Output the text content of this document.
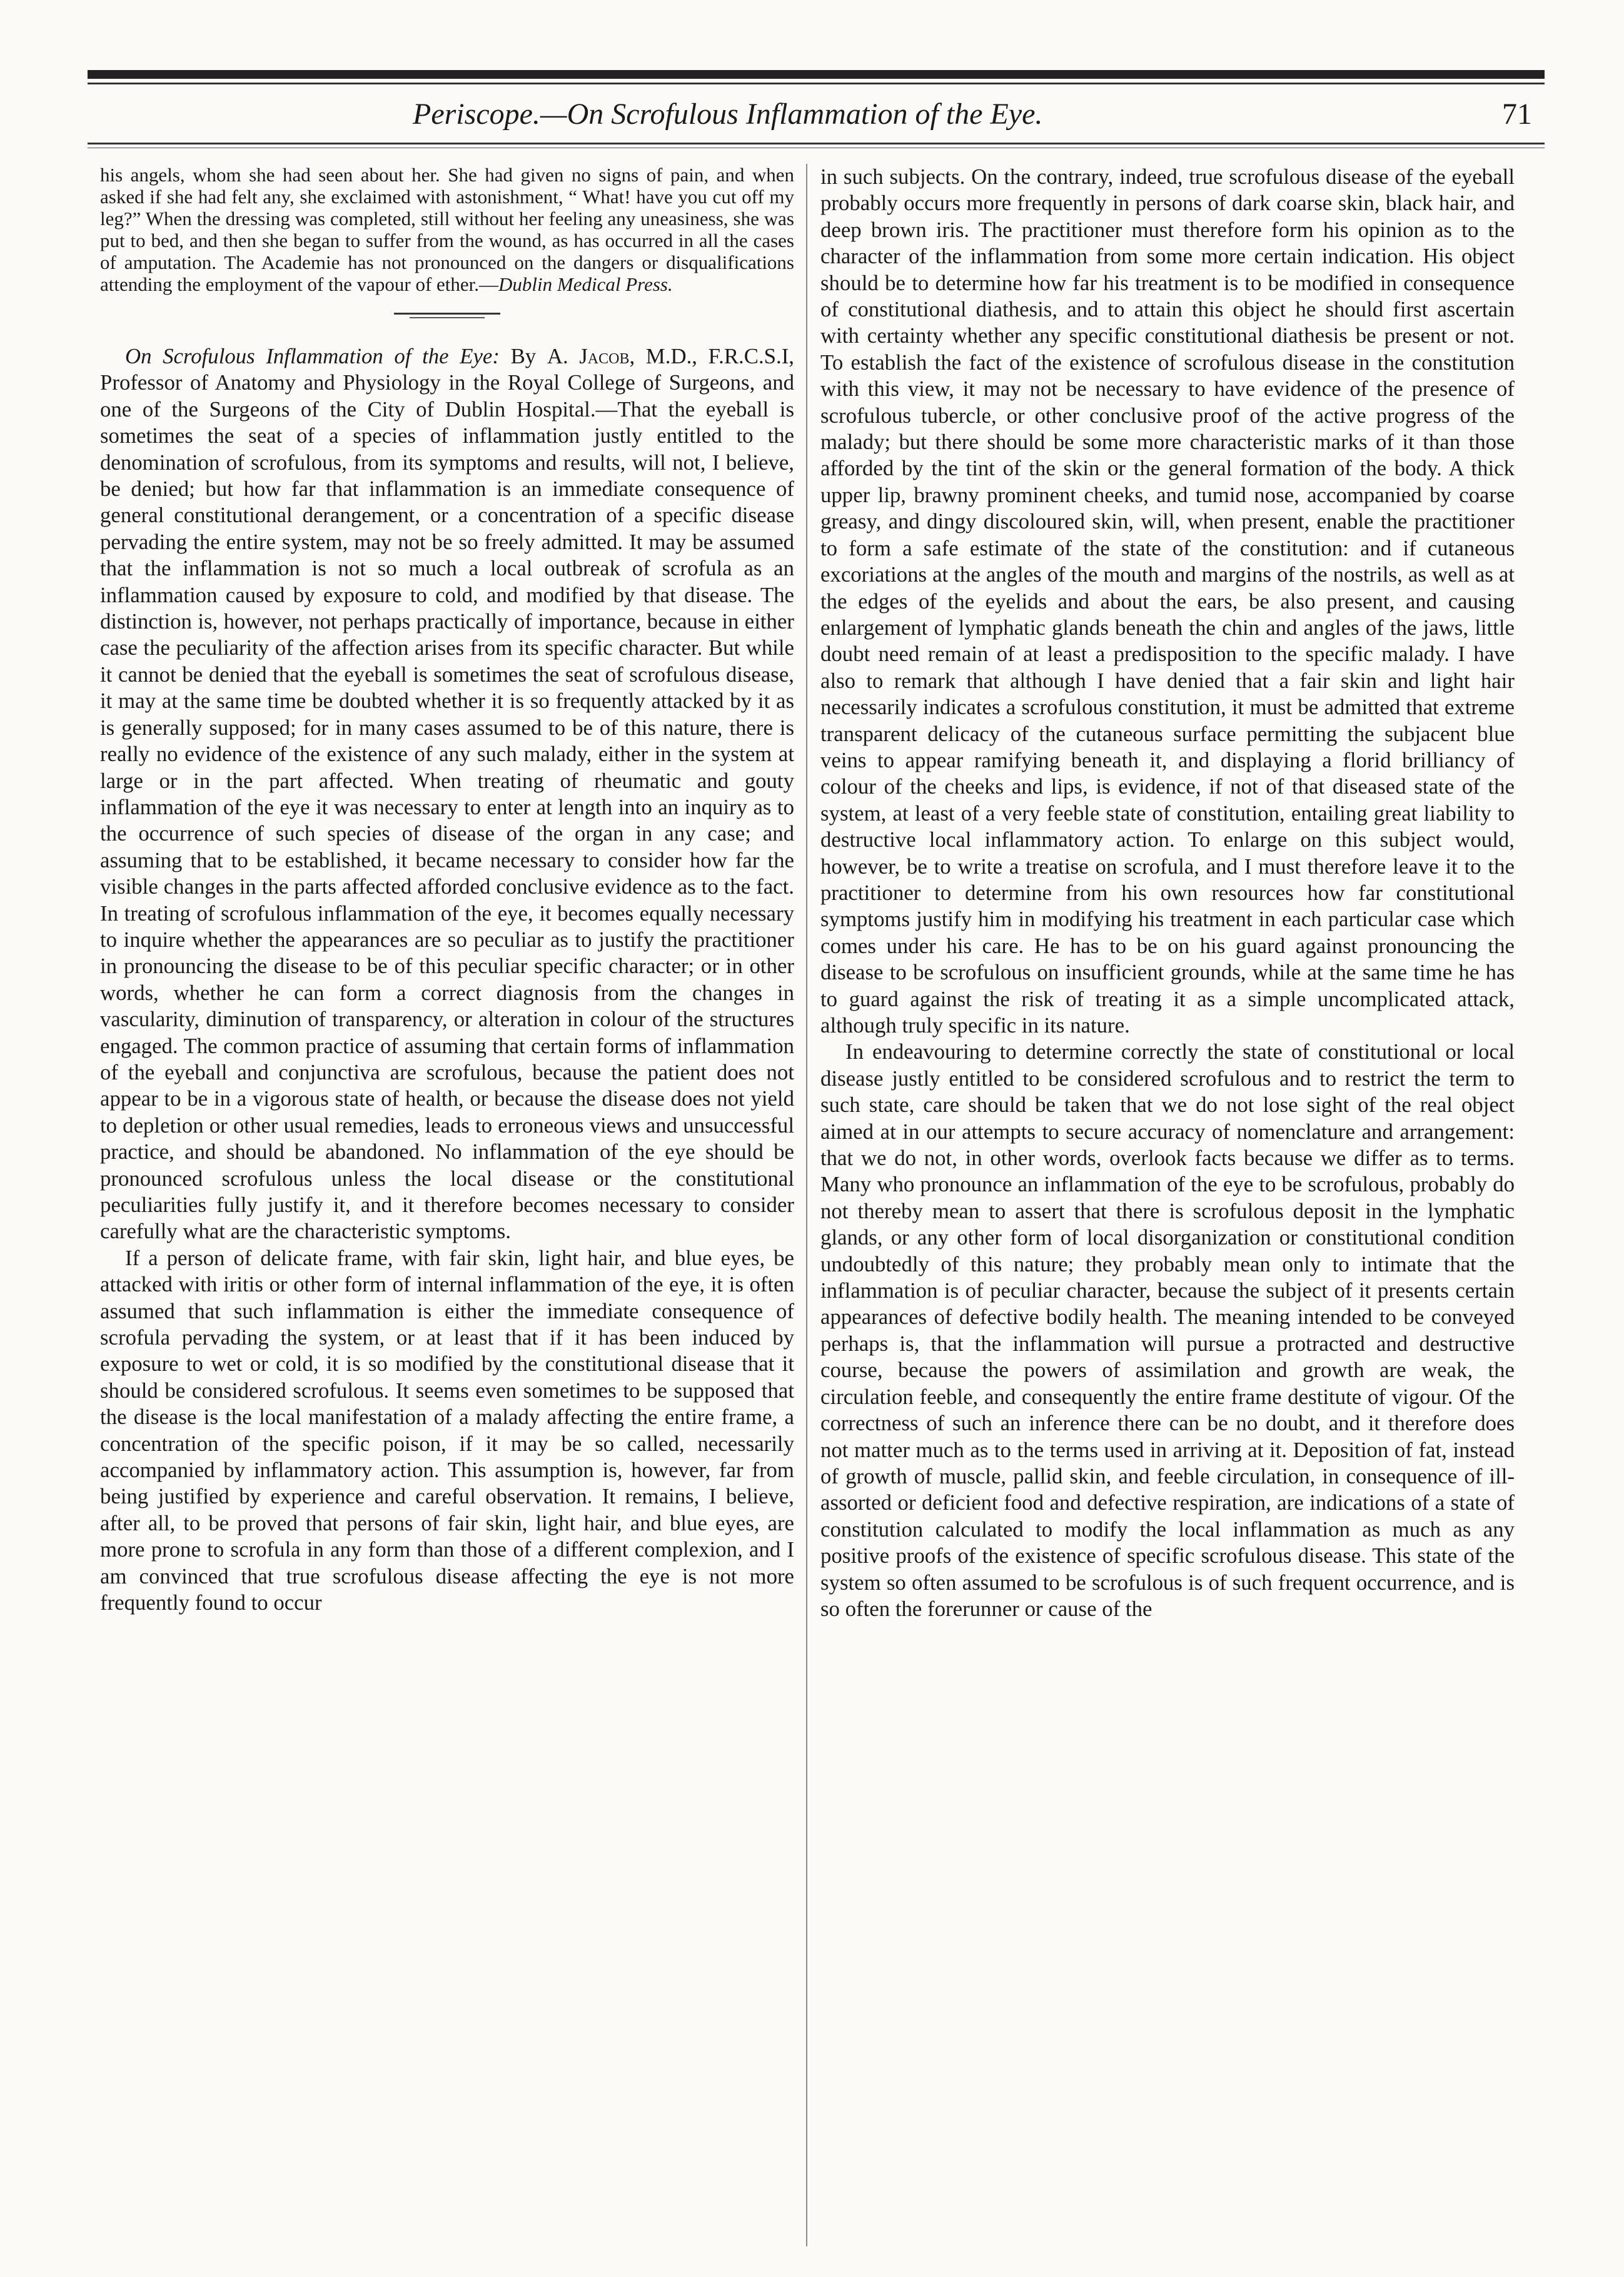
Periscope.—On Scrofulous Inflammation of the Eye.	71

his angels, whom she had seen about her. She had given no signs of pain, and when asked if she had felt any, she exclaimed with astonishment, “ What! have you cut off my leg?” When the dressing was completed, still without her feeling any uneasiness, she was put to bed, and then she began to suffer from the wound, as has occurred in all the cases of amputation. The Academie has not pronounced on the dangers or disqualifications attending the employment of the vapour of ether.—Dublin Medical Press.

On Scrofulous Inflammation of the Eye: By A. Jacob, M.D., F.R.C.S.I, Professor of Anatomy and Physiology in the Royal College of Surgeons, and one of the Surgeons of the City of Dublin Hospital.—That the eyeball is sometimes the seat of a species of inflammation justly entitled to the denomination of scrofulous, from its symptoms and results, will not, I believe, be denied; but how far that inflammation is an immediate consequence of general constitutional derangement, or a concentration of a specific disease pervading the entire system, may not be so freely admitted. It may be assumed that the inflammation is not so much a local outbreak of scrofula as an inflammation caused by exposure to cold, and modified by that disease. The distinction is, however, not perhaps practically of importance, because in either case the peculiarity of the affection arises from its specific character. But while it cannot be denied that the eyeball is sometimes the seat of scrofulous disease, it may at the same time be doubted whether it is so frequently attacked by it as is generally supposed; for in many cases assumed to be of this nature, there is really no evidence of the existence of any such malady, either in the system at large or in the part affected. When treating of rheumatic and gouty inflammation of the eye it was necessary to enter at length into an inquiry as to the occurrence of such species of disease of the organ in any case; and assuming that to be established, it became necessary to consider how far the visible changes in the parts affected afforded conclusive evidence as to the fact. In treating of scrofulous inflammation of the eye, it becomes equally necessary to inquire whether the appearances are so peculiar as to justify the practitioner in pronouncing the disease to be of this peculiar specific character; or in other words, whether he can form a correct diagnosis from the changes in vascularity, diminution of transparency, or alteration in colour of the structures engaged. The common practice of assuming that certain forms of inflammation of the eyeball and conjunctiva are scrofulous, because the patient does not appear to be in a vigorous state of health, or because the disease does not yield to depletion or other usual remedies, leads to erroneous views and unsuccessful practice, and should be abandoned. No inflammation of the eye should be pronounced scrofulous unless the local disease or the constitutional peculiarities fully justify it, and it therefore becomes necessary to consider carefully what are the characteristic symptoms.

If a person of delicate frame, with fair skin, light hair, and blue eyes, be attacked with iritis or other form of internal inflammation of the eye, it is often assumed that such inflammation is either the immediate consequence of scrofula pervading the system, or at least that if it has been induced by exposure to wet or cold, it is so modified by the constitutional disease that it should be considered scrofulous. It seems even sometimes to be supposed that the disease is the local manifestation of a malady affecting the entire frame, a concentration of the specific poison, if it may be so called, necessarily accompanied by inflammatory action. This assumption is, however, far from being justified by experience and careful observation. It remains, I believe, after all, to be proved that persons of fair skin, light hair, and blue eyes, are more prone to scrofula in any form than those of a different complexion, and I am convinced that true scrofulous disease affecting the eye is not more frequently found to occur

in such subjects. On the contrary, indeed, true scrofulous disease of the eyeball probably occurs more frequently in persons of dark coarse skin, black hair, and deep brown iris. The practitioner must therefore form his opinion as to the character of the inflammation from some more certain indication. His object should be to determine how far his treatment is to be modified in consequence of constitutional diathesis, and to attain this object he should first ascertain with certainty whether any specific constitutional diathesis be present or not. To establish the fact of the existence of scrofulous disease in the constitution with this view, it may not be necessary to have evidence of the presence of scrofulous tubercle, or other conclusive proof of the active progress of the malady; but there should be some more characteristic marks of it than those afforded by the tint of the skin or the general formation of the body. A thick upper lip, brawny prominent cheeks, and tumid nose, accompanied by coarse greasy, and dingy discoloured skin, will, when present, enable the practitioner to form a safe estimate of the state of the constitution: and if cutaneous excoriations at the angles of the mouth and margins of the nostrils, as well as at the edges of the eyelids and about the ears, be also present, and causing enlargement of lymphatic glands beneath the chin and angles of the jaws, little doubt need remain of at least a predisposition to the specific malady. I have also to remark that although I have denied that a fair skin and light hair necessarily indicates a scrofulous constitution, it must be admitted that extreme transparent delicacy of the cutaneous surface permitting the subjacent blue veins to appear ramifying beneath it, and displaying a florid brilliancy of colour of the cheeks and lips, is evidence, if not of that diseased state of the system, at least of a very feeble state of constitution, entailing great liability to destructive local inflammatory action. To enlarge on this subject would, however, be to write a treatise on scrofula, and I must therefore leave it to the practitioner to determine from his own resources how far constitutional symptoms justify him in modifying his treatment in each particular case which comes under his care. He has to be on his guard against pronouncing the disease to be scrofulous on insufficient grounds, while at the same time he has to guard against the risk of treating it as a simple uncomplicated attack, although truly specific in its nature.

In endeavouring to determine correctly the state of constitutional or local disease justly entitled to be considered scrofulous and to restrict the term to such state, care should be taken that we do not lose sight of the real object aimed at in our attempts to secure accuracy of nomenclature and arrangement: that we do not, in other words, overlook facts because we differ as to terms. Many who pronounce an inflammation of the eye to be scrofulous, probably do not thereby mean to assert that there is scrofulous deposit in the lymphatic glands, or any other form of local disorganization or constitutional condition undoubtedly of this nature; they probably mean only to intimate that the inflammation is of peculiar character, because the subject of it presents certain appearances of defective bodily health. The meaning intended to be conveyed perhaps is, that the inflammation will pursue a protracted and destructive course, because the powers of assimilation and growth are weak, the circulation feeble, and consequently the entire frame destitute of vigour. Of the correctness of such an inference there can be no doubt, and it therefore does not matter much as to the terms used in arriving at it. Deposition of fat, instead of growth of muscle, pallid skin, and feeble circulation, in consequence of ill-assorted or deficient food and defective respiration, are indications of a state of constitution calculated to modify the local inflammation as much as any positive proofs of the existence of specific scrofulous disease. This state of the system so often assumed to be scrofulous is of such frequent occurrence, and is so often the forerunner or cause of the
